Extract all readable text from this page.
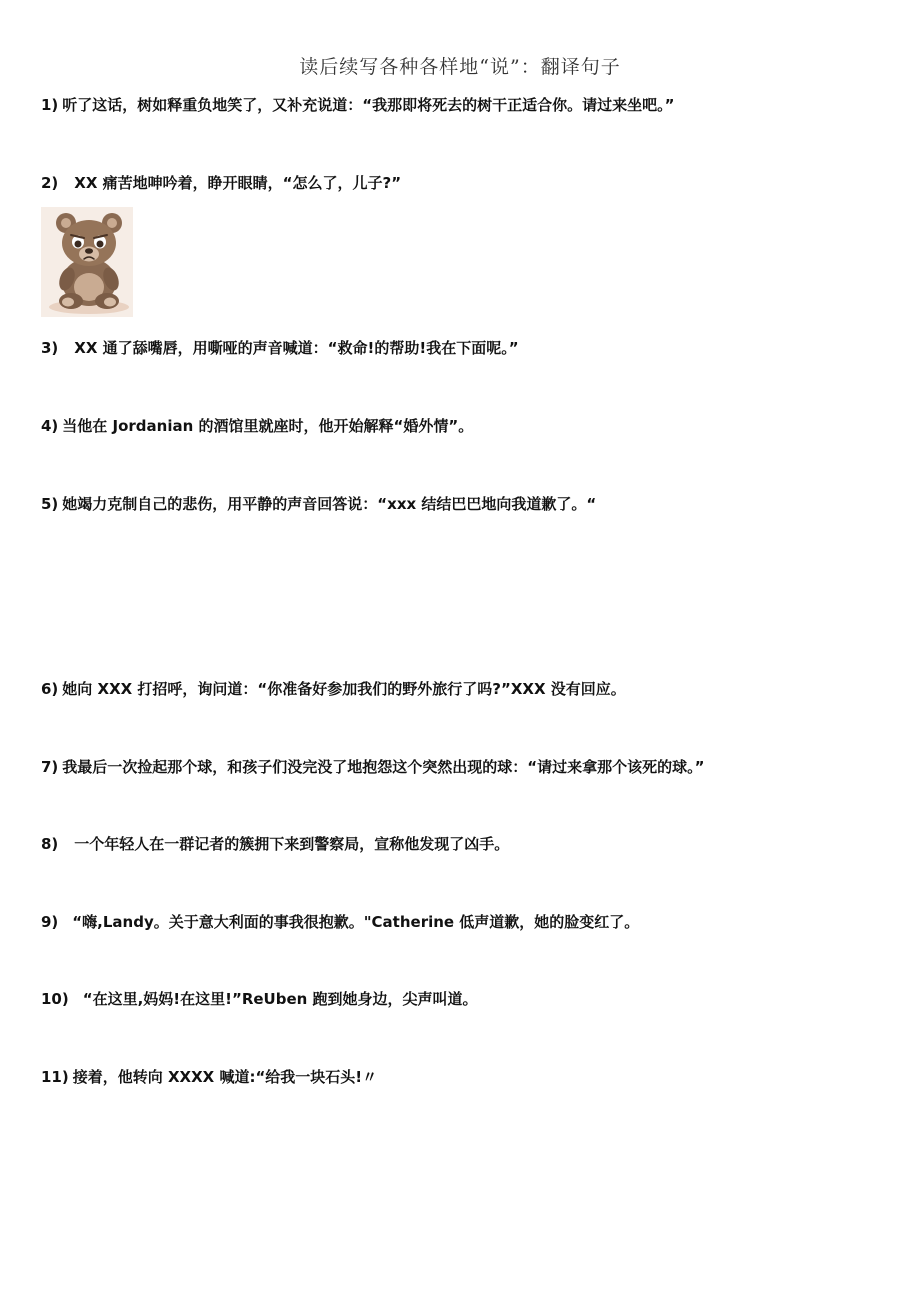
读后续写各种各样地“说”：翻译句子
1) 听了这话，树如释重负地笑了，又补充说道：“我那即将死去的树干正适合你。请过来坐吧。”
2) XX 痛苦地呻吟着，睁开眼睛，“怎么了，儿子?”
3) XX 通了舔嘴唇，用嘶哑的声音喊道：“救命!的帮助!我在下面呢。”
4) 当他在 Jordanian 的酒馆里就座时，他开始解释“婚外情”。
5) 她竭力克制自己的悲伤，用平静的声音回答说：“xxx 结结巴巴地向我道歉了。“
6) 她向 XXX 打招呼，询问道：“你准备好参加我们的野外旅行了吗?”XXX 没有回应。
7) 我最后一次捡起那个球，和孩子们没完没了地抱怨这个突然出现的球：“请过来拿那个该死的球。”
8) 一个年轻人在一群记者的簇拥下来到警察局，宣称他发现了凶手。
9) “嗨,Landy。关于意大利面的事我很抱歉。"Catherine 低声道歉，她的脸变红了。
10) “在这里,妈妈!在这里!”ReUben 跑到她身边，尖声叫道。
11) 接着，他转向 XXXX 喊道:“给我一块石头!〃
